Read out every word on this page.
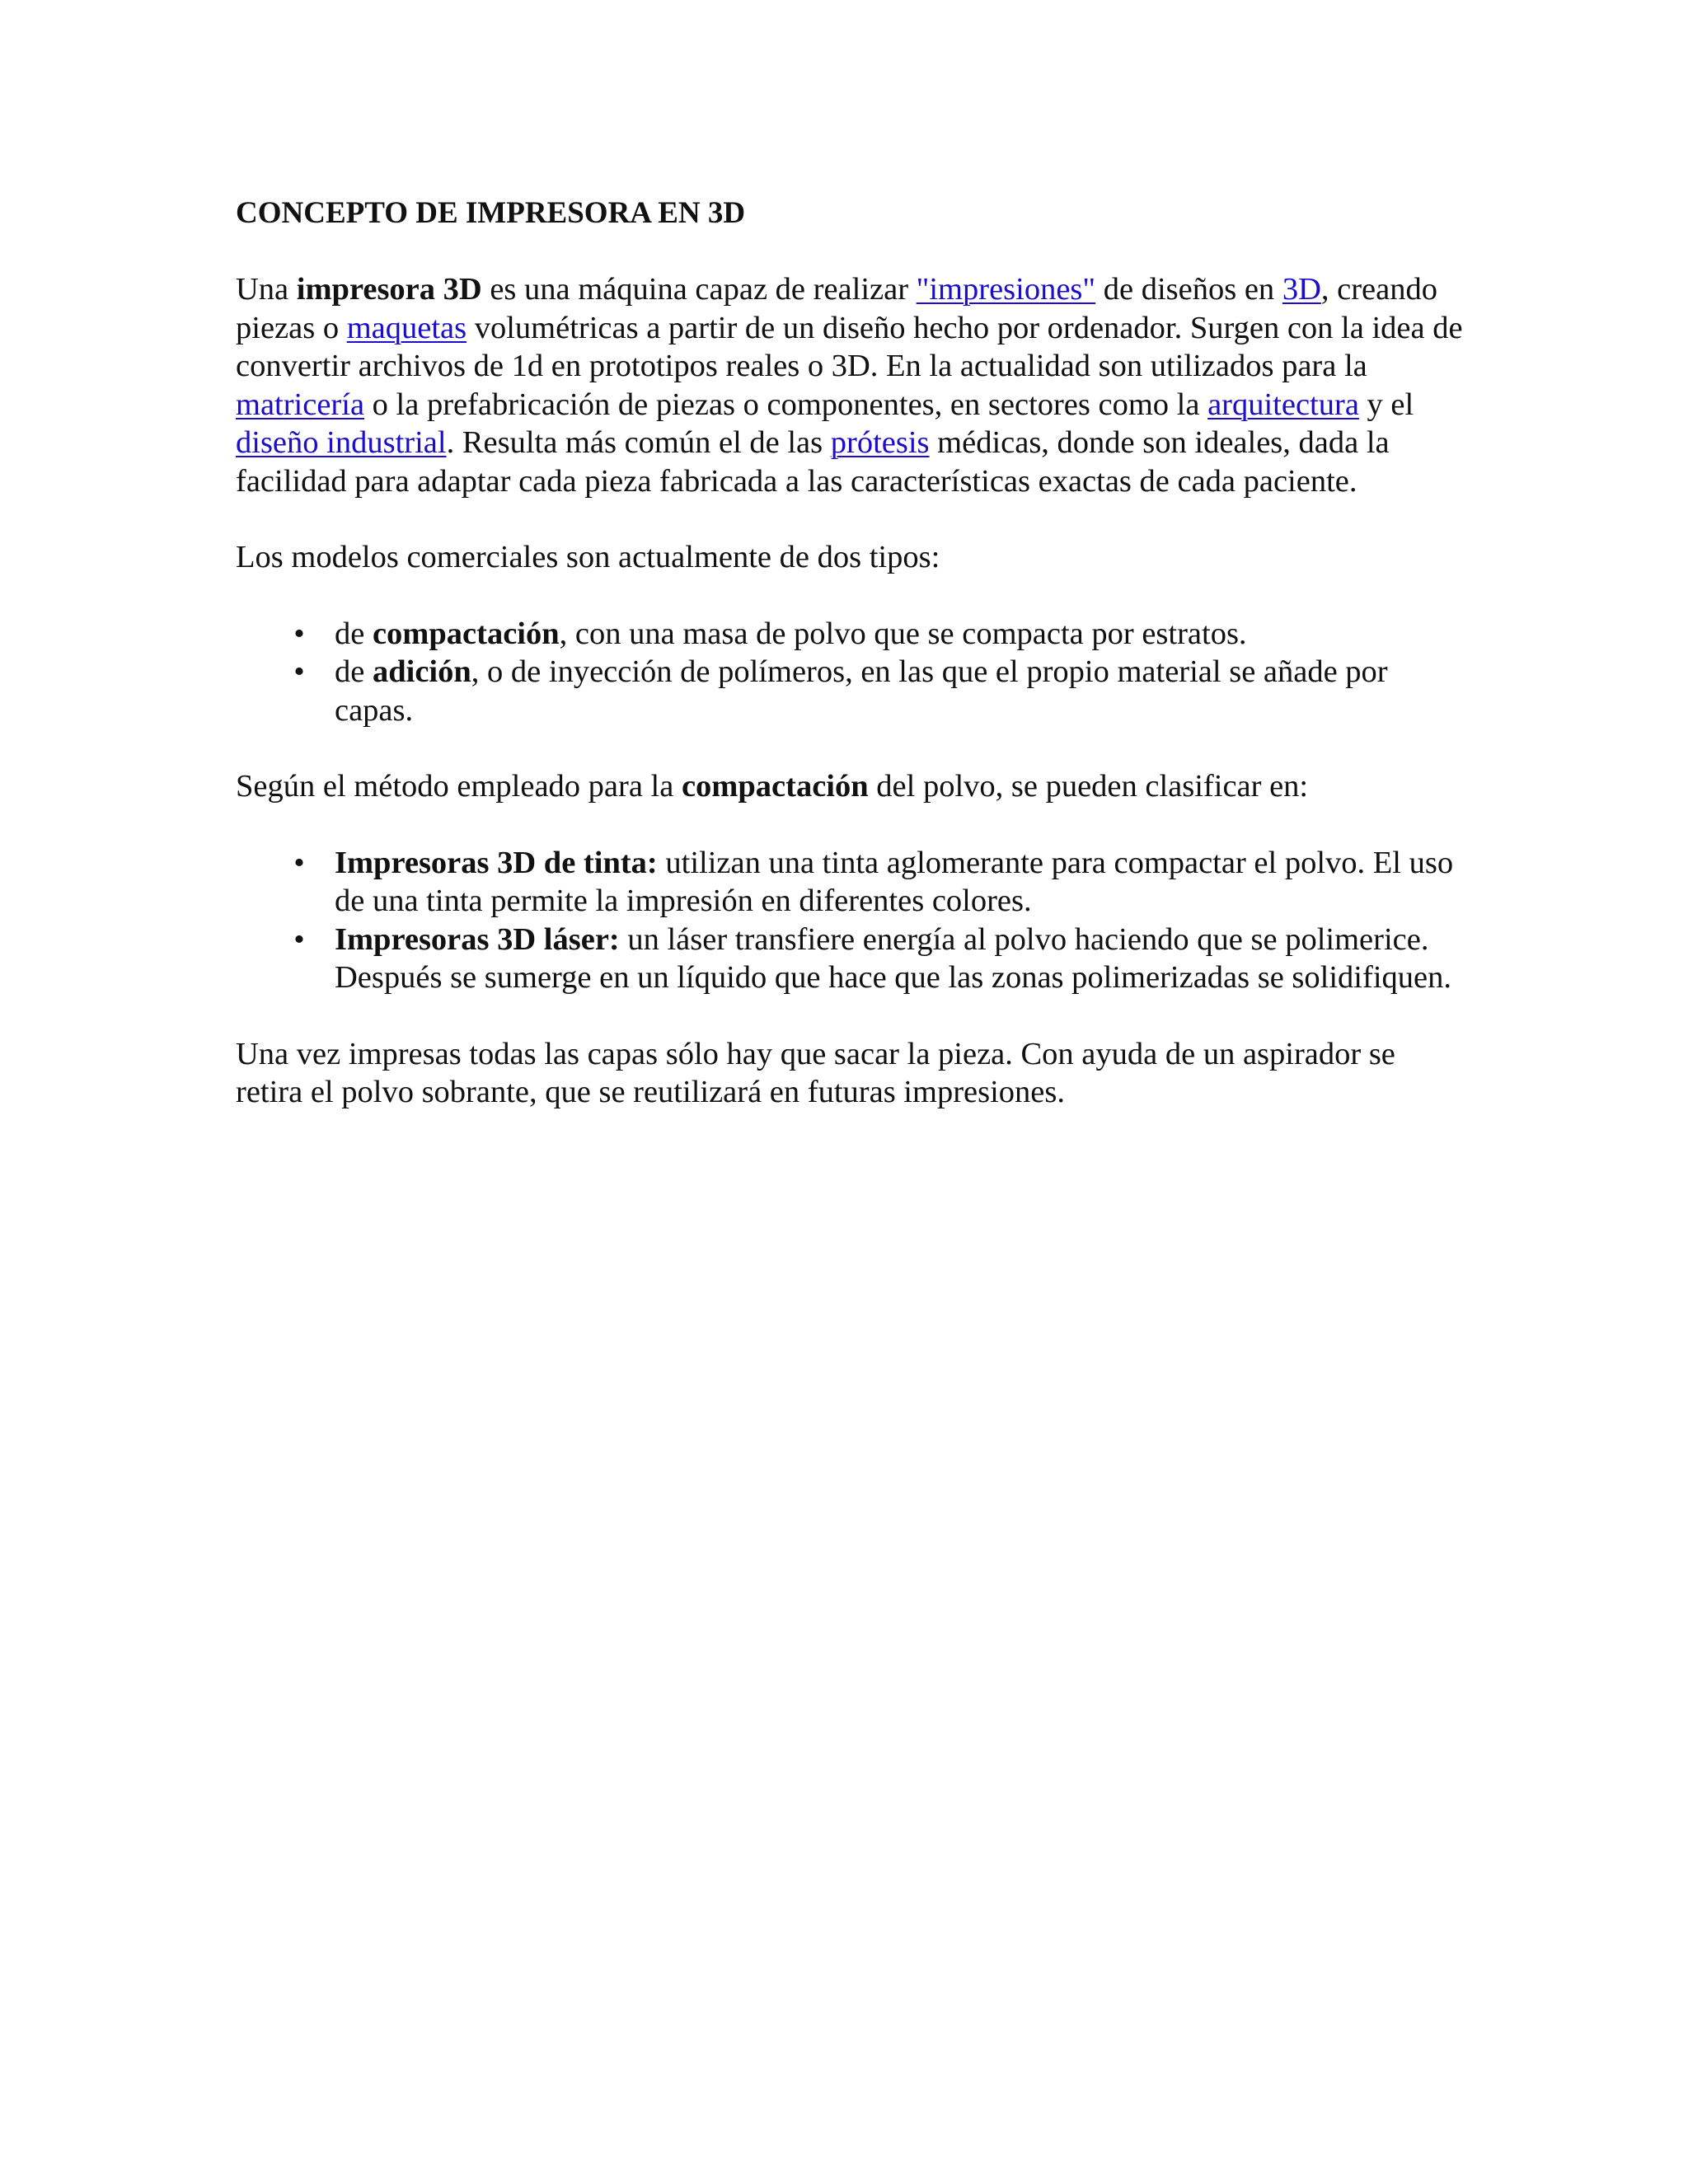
CONCEPTO DE IMPRESORA EN 3D

Una impresora 3D es una máquina capaz de realizar "impresiones" de diseños en 3D, creando piezas o maquetas volumétricas a partir de un diseño hecho por ordenador. Surgen con la idea de convertir archivos de 1d en prototipos reales o 3D. En la actualidad son utilizados para la matricería o la prefabricación de piezas o componentes, en sectores como la arquitectura y el diseño industrial. Resulta más común el de las prótesis médicas, donde son ideales, dada la facilidad para adaptar cada pieza fabricada a las características exactas de cada paciente.

Los modelos comerciales son actualmente de dos tipos:

• de compactación, con una masa de polvo que se compacta por estratos.
• de adición, o de inyección de polímeros, en las que el propio material se añade por capas.

Según el método empleado para la compactación del polvo, se pueden clasificar en:

• Impresoras 3D de tinta: utilizan una tinta aglomerante para compactar el polvo. El uso de una tinta permite la impresión en diferentes colores.
• Impresoras 3D láser: un láser transfiere energía al polvo haciendo que se polimerice. Después se sumerge en un líquido que hace que las zonas polimerizadas se solidifiquen.

Una vez impresas todas las capas sólo hay que sacar la pieza. Con ayuda de un aspirador se retira el polvo sobrante, que se reutilizará en futuras impresiones.
